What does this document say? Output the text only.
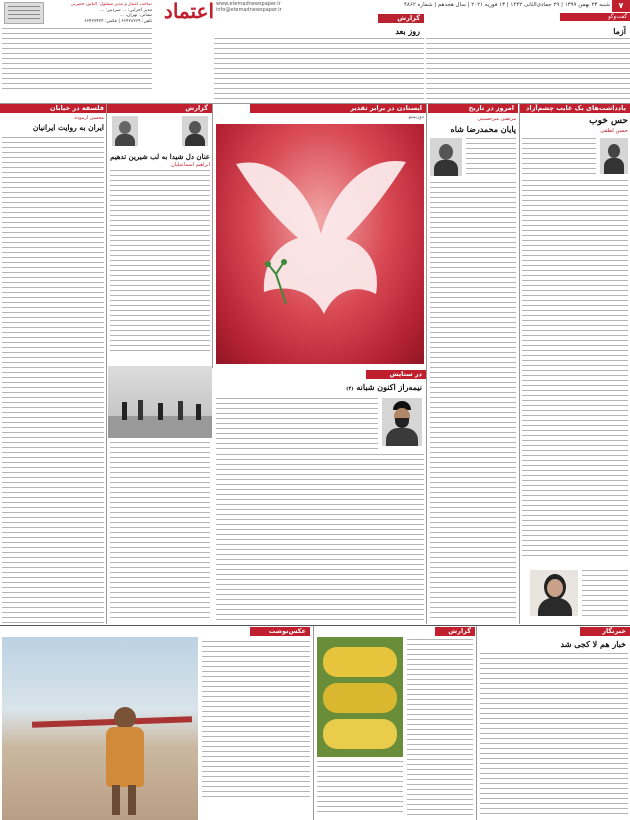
صاحب امتیاز و مدیر مسئول: الیاس حضرتی
مدیر اجرایی: ... سردبیر: ...
نشانی: تهران، ...
تلفن: ۶۶۴۲۸۲۶۹ | فکس: ۶۶۴۲۷۴۲۴ اعتماد www.etemadnewspaper.ir
info@etemadnewspaper.ir
شنبه ۲۳ بهمن ۱۳۹۹ | ۲۹ جمادی‌الثانی ۱۴۴۲ | ۱۳ فوریه ۲۰۲۱ | سال هجدهم | شماره ۴۸۶۲	۷
گفت‌وگو
گزارش
روز بعد	آزما
یادداشت‌های یک غایب چشم‌آزاد
امروز در تاریخ
ایستادن در برابر تقدیر
فلسفه در خیابان
حس خوب
حسن لطفی
مرتضی میرحسینی
پایان محمدرضا شاه
دوربینتو
گزارش
عنان دل شیدا به لب شیرین تدهیم
ابراهیم اسماعیلیان
محسن آزموده
ایران به روایت ایرانیان
در ستایش
نیمه‌راز اکنون شبانه (۴)
عکس‌نوشت	گزارش	خبرنگار
خبار هم لا کجی شد
